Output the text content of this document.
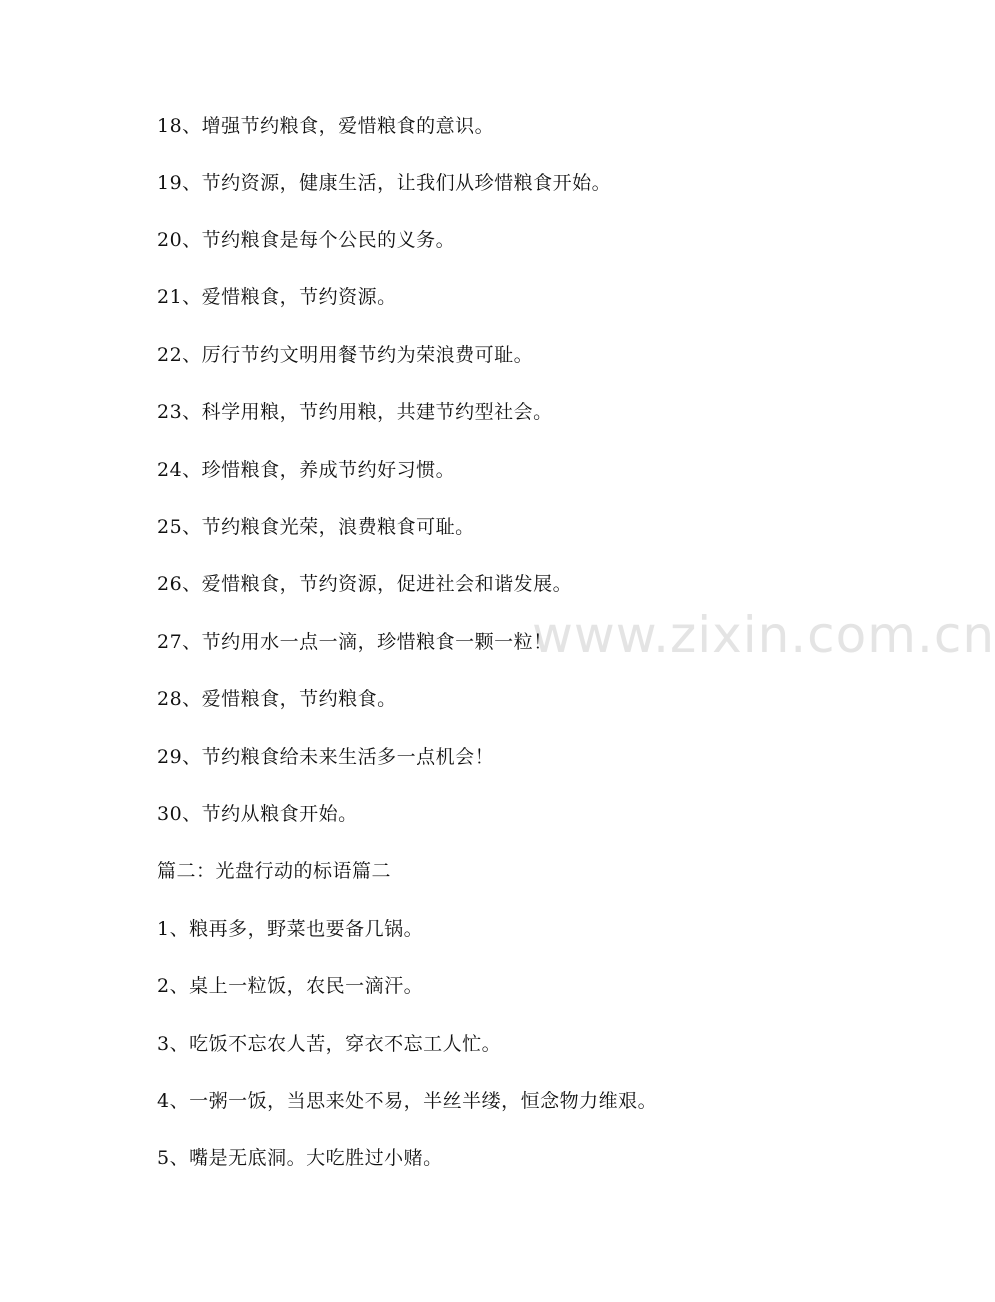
www.zixin.com.cn
18、增强节约粮食，爱惜粮食的意识。
19、节约资源，健康生活，让我们从珍惜粮食开始。
20、节约粮食是每个公民的义务。
21、爱惜粮食，节约资源。
22、厉行节约文明用餐节约为荣浪费可耻。
23、科学用粮，节约用粮，共建节约型社会。
24、珍惜粮食，养成节约好习惯。
25、节约粮食光荣，浪费粮食可耻。
26、爱惜粮食，节约资源，促进社会和谐发展。
27、节约用水一点一滴，珍惜粮食一颗一粒！
28、爱惜粮食，节约粮食。
29、节约粮食给未来生活多一点机会！
30、节约从粮食开始。
篇二：光盘行动的标语篇二
1、粮再多，野菜也要备几锅。
2、桌上一粒饭，农民一滴汗。
3、吃饭不忘农人苦，穿衣不忘工人忙。
4、一粥一饭，当思来处不易，半丝半缕，恒念物力维艰。
5、嘴是无底洞。大吃胜过小赌。
